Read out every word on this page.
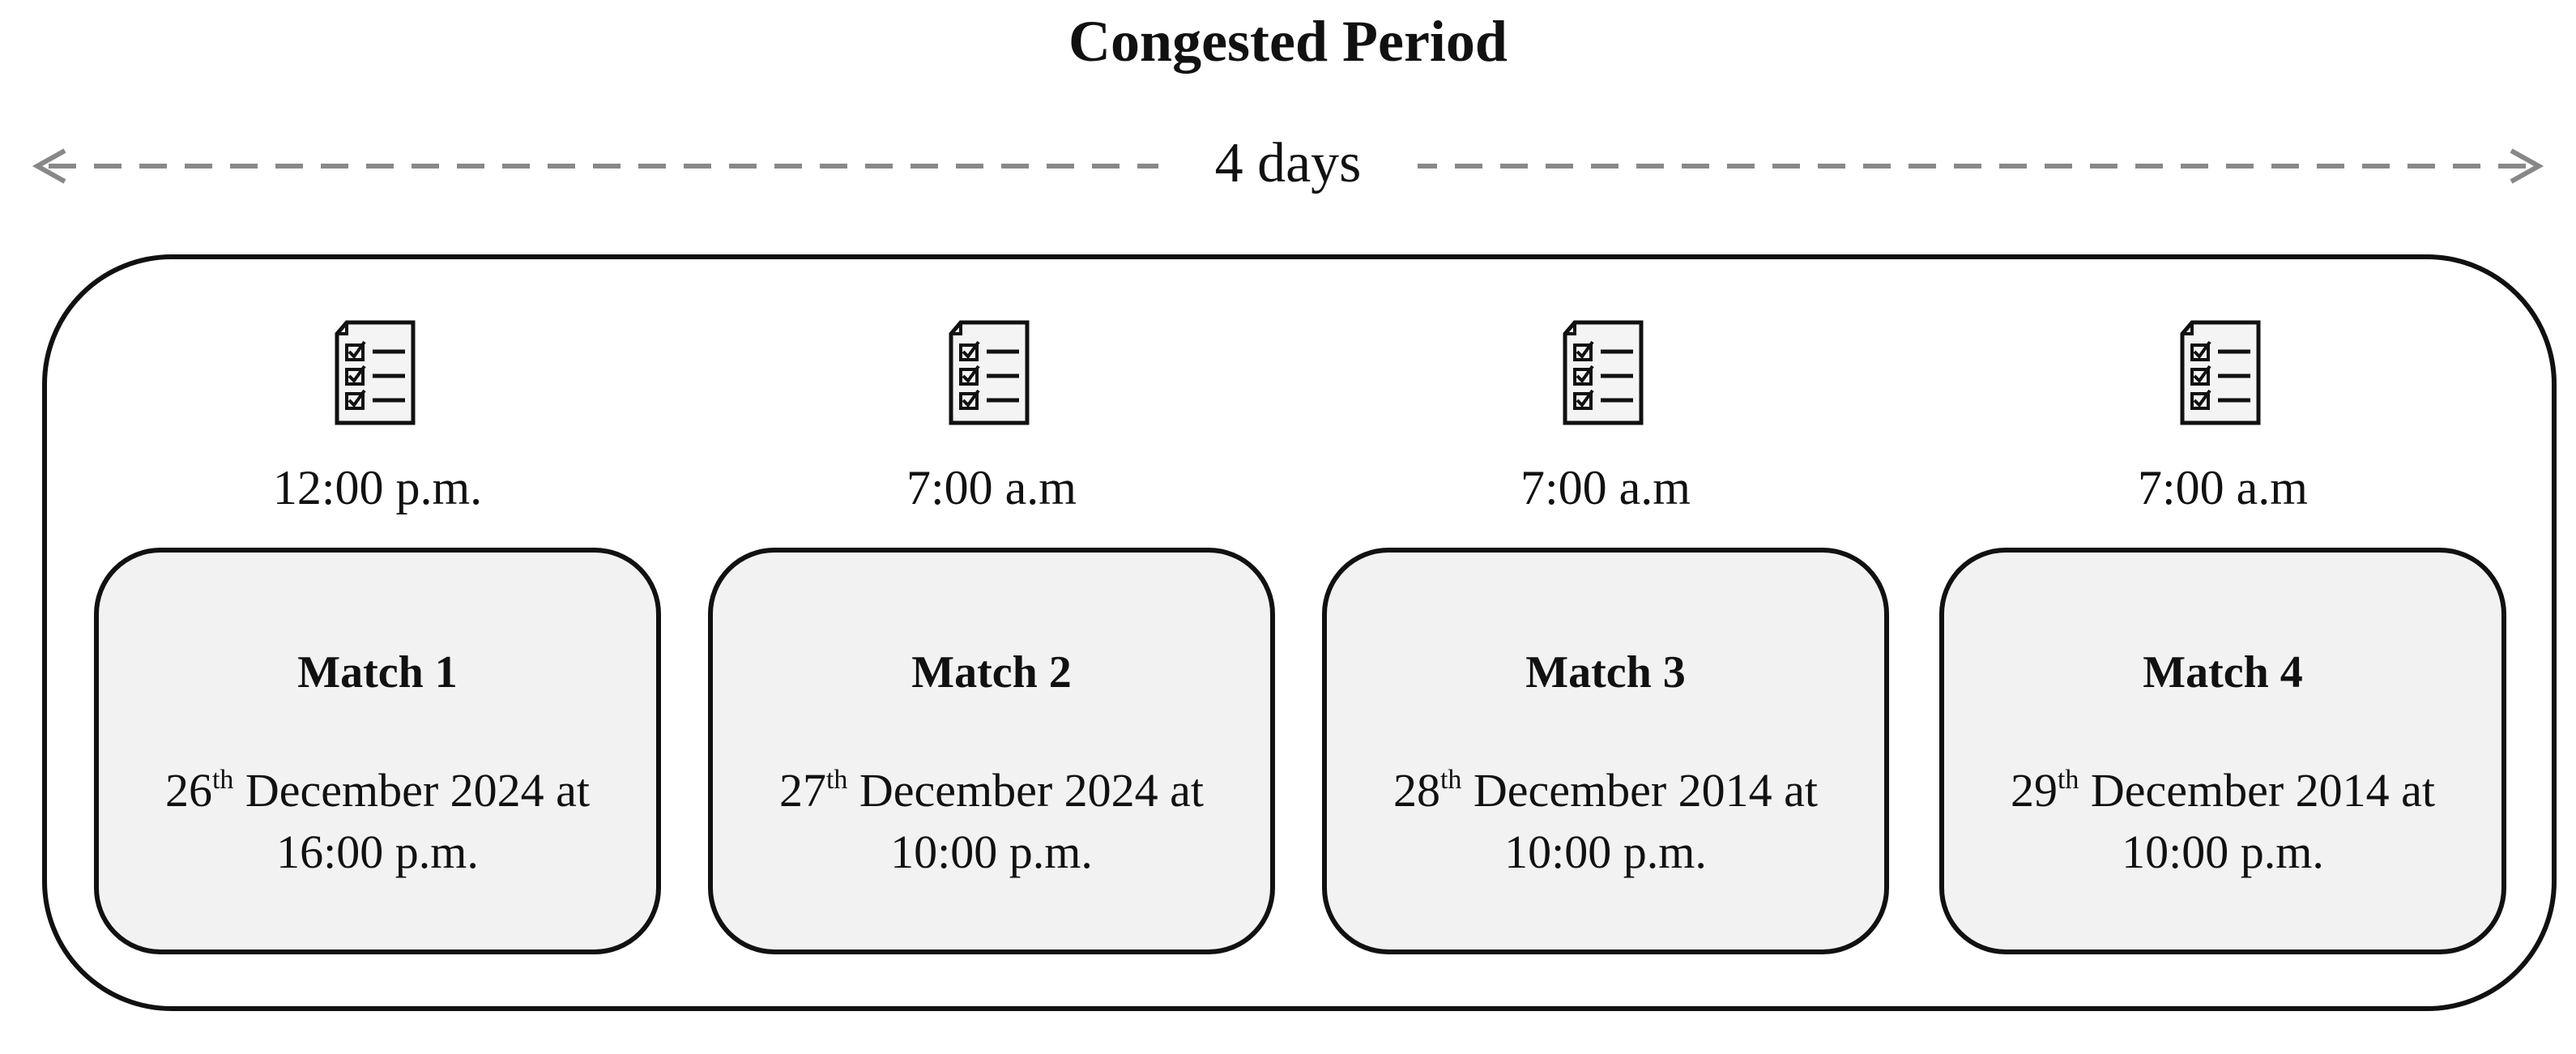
Congested Period
4 days
12:00 p.m.
Match 1
26th December 2024 at
16:00 p.m.
7:00 a.m
Match 2
27th December 2024 at
10:00 p.m.
7:00 a.m
Match 3
28th December 2014 at
10:00 p.m.
7:00 a.m
Match 4
29th December 2014 at
10:00 p.m.
